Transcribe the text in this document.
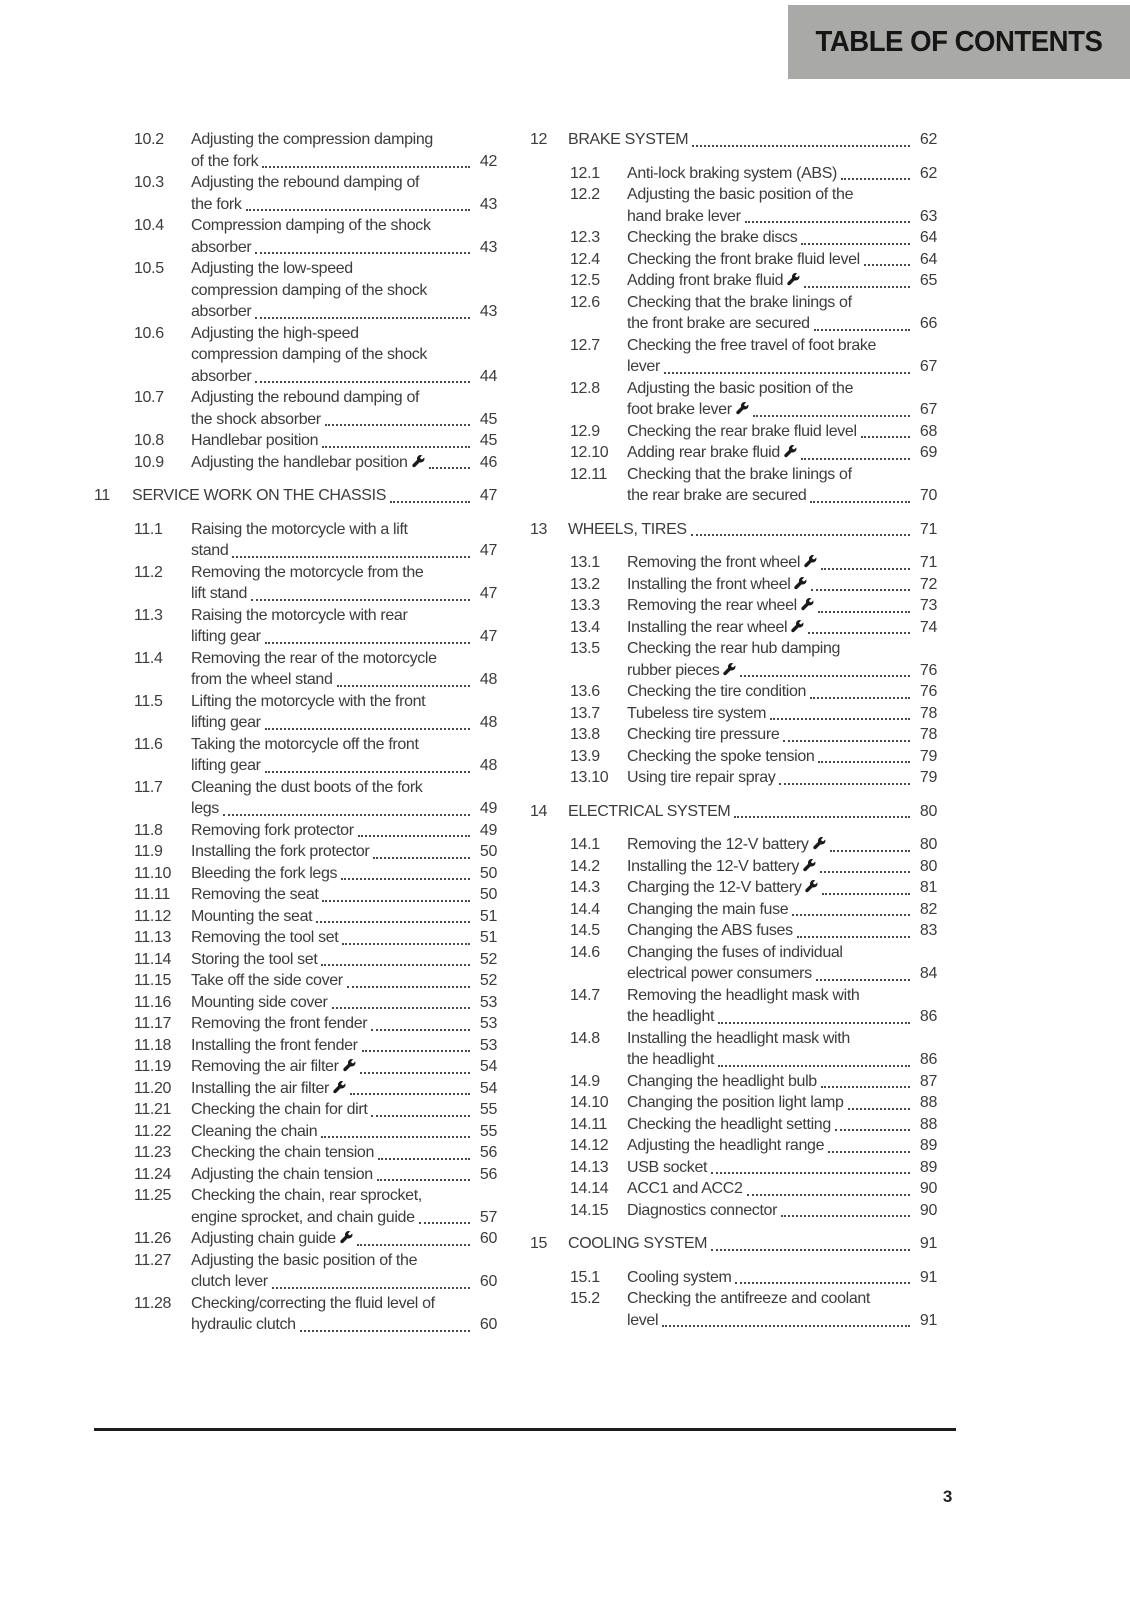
TABLE OF CONTENTS
10.2	Adjusting the compression damping
of the fork	42
10.3	Adjusting the rebound damping of
the fork	43
10.4	Compression damping of the shock
absorber	43
10.5	Adjusting the low-speed
compression damping of the shock
absorber	43
10.6	Adjusting the high-speed
compression damping of the shock
absorber	44
10.7	Adjusting the rebound damping of
the shock absorber	45
10.8	Handlebar position	45
10.9	Adjusting the handlebar position	46
11	SERVICE WORK ON THE CHASSIS	47
11.1	Raising the motorcycle with a lift
stand	47
11.2	Removing the motorcycle from the
lift stand	47
11.3	Raising the motorcycle with rear
lifting gear	47
11.4	Removing the rear of the motorcycle
from the wheel stand	48
11.5	Lifting the motorcycle with the front
lifting gear	48
11.6	Taking the motorcycle off the front
lifting gear	48
11.7	Cleaning the dust boots of the fork
legs	49
11.8	Removing fork protector	49
11.9	Installing the fork protector	50
11.10	Bleeding the fork legs	50
11.11	Removing the seat	50
11.12	Mounting the seat	51
11.13	Removing the tool set	51
11.14	Storing the tool set	52
11.15	Take off the side cover	52
11.16	Mounting side cover	53
11.17	Removing the front fender	53
11.18	Installing the front fender	53
11.19	Removing the air filter	54
11.20	Installing the air filter	54
11.21	Checking the chain for dirt	55
11.22	Cleaning the chain	55
11.23	Checking the chain tension	56
11.24	Adjusting the chain tension	56
11.25	Checking the chain, rear sprocket,
engine sprocket, and chain guide	57
11.26	Adjusting chain guide	60
11.27	Adjusting the basic position of the
clutch lever	60
11.28	Checking/correcting the fluid level of
hydraulic clutch	60
12	BRAKE SYSTEM	62
12.1	Anti-lock braking system (ABS)	62
12.2	Adjusting the basic position of the
hand brake lever	63
12.3	Checking the brake discs	64
12.4	Checking the front brake fluid level	64
12.5	Adding front brake fluid	65
12.6	Checking that the brake linings of
the front brake are secured	66
12.7	Checking the free travel of foot brake
lever	67
12.8	Adjusting the basic position of the
foot brake lever	67
12.9	Checking the rear brake fluid level	68
12.10	Adding rear brake fluid	69
12.11	Checking that the brake linings of
the rear brake are secured	70
13	WHEELS, TIRES	71
13.1	Removing the front wheel	71
13.2	Installing the front wheel	72
13.3	Removing the rear wheel	73
13.4	Installing the rear wheel	74
13.5	Checking the rear hub damping
rubber pieces	76
13.6	Checking the tire condition	76
13.7	Tubeless tire system	78
13.8	Checking tire pressure	78
13.9	Checking the spoke tension	79
13.10	Using tire repair spray	79
14	ELECTRICAL SYSTEM	80
14.1	Removing the 12-V battery	80
14.2	Installing the 12-V battery	80
14.3	Charging the 12-V battery	81
14.4	Changing the main fuse	82
14.5	Changing the ABS fuses	83
14.6	Changing the fuses of individual
electrical power consumers	84
14.7	Removing the headlight mask with
the headlight	86
14.8	Installing the headlight mask with
the headlight	86
14.9	Changing the headlight bulb	87
14.10	Changing the position light lamp	88
14.11	Checking the headlight setting	88
14.12	Adjusting the headlight range	89
14.13	USB socket	89
14.14	ACC1 and ACC2	90
14.15	Diagnostics connector	90
15	COOLING SYSTEM	91
15.1	Cooling system	91
15.2	Checking the antifreeze and coolant
level	91
3
